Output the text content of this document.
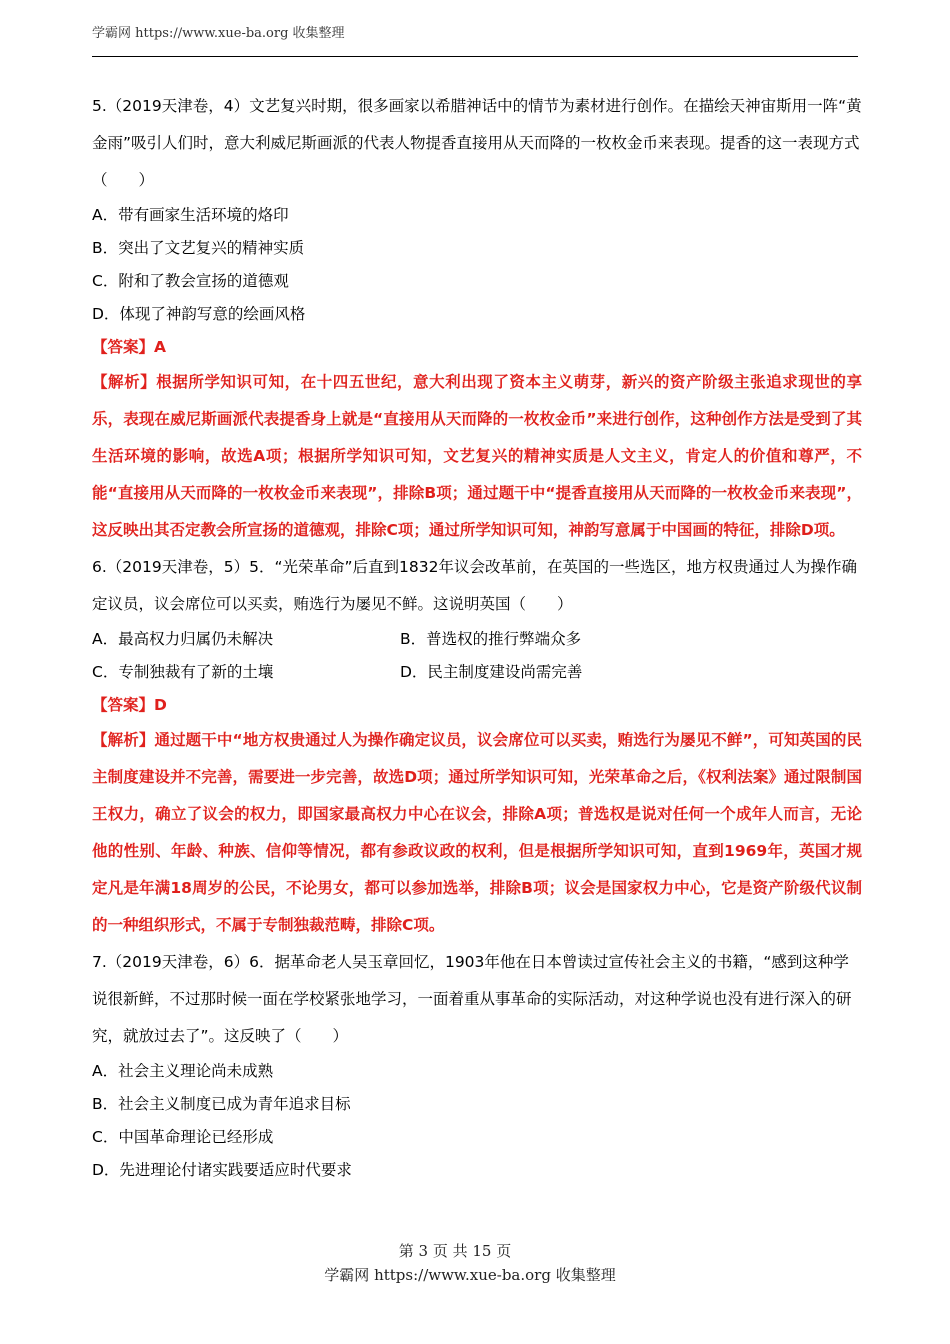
学霸网 https://www.xue-ba.org 收集整理
5.（2019天津卷，4）文艺复兴时期，很多画家以希腊神话中的情节为素材进行创作。在描绘天神宙斯用一阵“黄金雨”吸引人们时，意大利威尼斯画派的代表人物提香直接用从天而降的一枚枚金币来表现。提香的这一表现方式（　　）
A．带有画家生活环境的烙印
B．突出了文艺复兴的精神实质
C．附和了教会宣扬的道德观
D．体现了神韵写意的绘画风格
【答案】A
【解析】根据所学知识可知，在十四五世纪，意大利出现了资本主义萌芽，新兴的资产阶级主张追求现世的享乐，表现在威尼斯画派代表提香身上就是“直接用从天而降的一枚枚金币”来进行创作，这种创作方法是受到了其生活环境的影响，故选A项；根据所学知识可知，文艺复兴的精神实质是人文主义，肯定人的价值和尊严，不能“直接用从天而降的一枚枚金币来表现”，排除B项；通过题干中“提香直接用从天而降的一枚枚金币来表现”，这反映出其否定教会所宣扬的道德观，排除C项；通过所学知识可知，神韵写意属于中国画的特征，排除D项。
6.（2019天津卷，5）5．“光荣革命”后直到1832年议会改革前，在英国的一些选区，地方权贵通过人为操作确定议员，议会席位可以买卖，贿选行为屡见不鲜。这说明英国（　　）
A．最高权力归属仍未解决	B．普选权的推行弊端众多
C．专制独裁有了新的土壤	D．民主制度建设尚需完善
【答案】D
【解析】通过题干中“地方权贵通过人为操作确定议员，议会席位可以买卖，贿选行为屡见不鲜”，可知英国的民主制度建设并不完善，需要进一步完善，故选D项；通过所学知识可知，光荣革命之后，《权利法案》通过限制国王权力，确立了议会的权力，即国家最高权力中心在议会，排除A项；普选权是说对任何一个成年人而言，无论他的性别、年龄、种族、信仰等情况，都有参政议政的权利，但是根据所学知识可知，直到1969年，英国才规定凡是年满18周岁的公民，不论男女，都可以参加选举，排除B项；议会是国家权力中心，它是资产阶级代议制的一种组织形式，不属于专制独裁范畴，排除C项。
7.（2019天津卷，6）6．据革命老人吴玉章回忆，1903年他在日本曾读过宣传社会主义的书籍，“感到这种学说很新鲜，不过那时候一面在学校紧张地学习，一面着重从事革命的实际活动，对这种学说也没有进行深入的研究，就放过去了”。这反映了（　　）
A．社会主义理论尚未成熟
B．社会主义制度已成为青年追求目标
C．中国革命理论已经形成
D．先进理论付诸实践要适应时代要求
第 3 页 共 15 页
学霸网 https://www.xue-ba.org 收集整理
